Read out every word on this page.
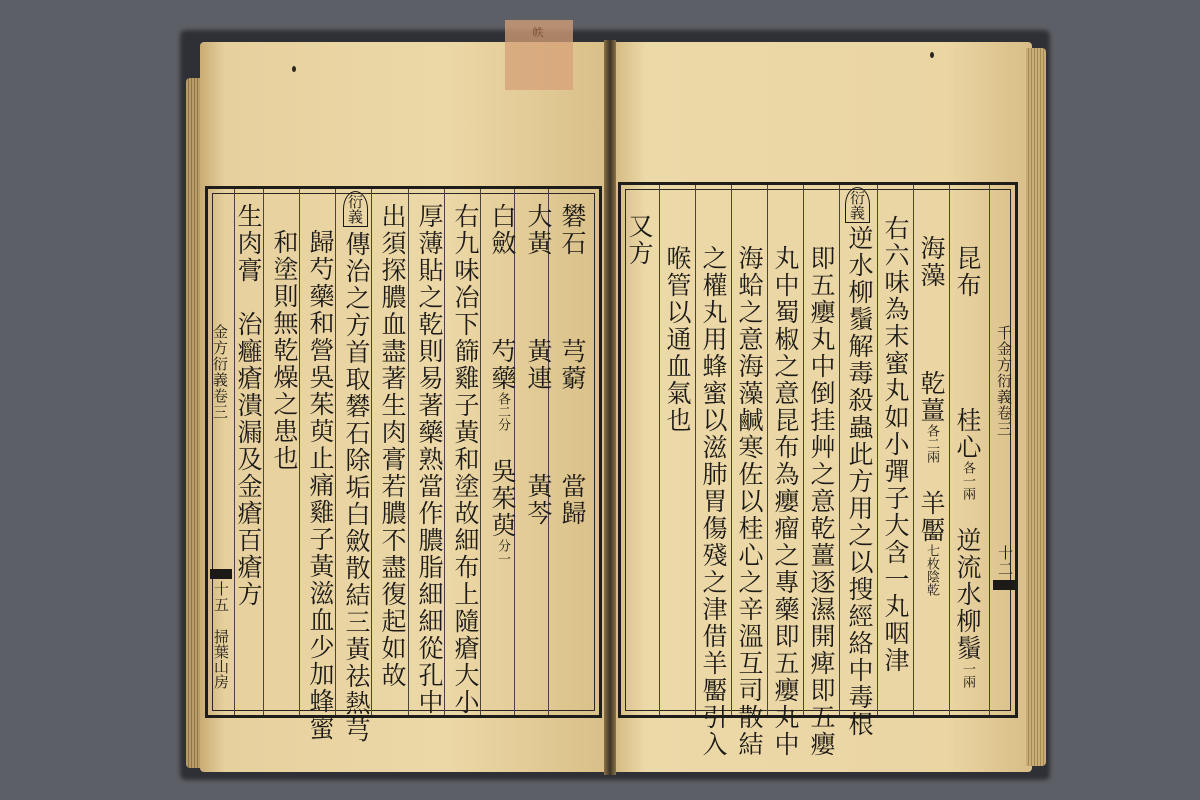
帙
金方衍義卷三
十五
掃葉山房
礬石　　　芎藭　　　當歸
大黃　　　黃連　　　黃芩
白斂　　　芍藥各二分　吳茱萸分一
右九味冶下篩雞子黃和塗故細布上隨瘡大小
厚薄貼之乾則易著藥熟當作膿脂細細從孔中
出須探膿血盡著生肉膏若膿不盡復起如故
衍義
傳治之方首取礬石除垢白斂散結三黃祛熱芎
歸芍藥和營吳茱萸止痛雞子黃滋血少加蜂蜜
和塗則無乾燥之患也
生肉膏　治癰瘡潰漏及金瘡百瘡方	又方
喉管以通血氣也 之權丸用蜂蜜以滋肺胃傷殘之津借羊靨引入 海蛤之意海藻鹹寒佐以桂心之辛溫互司散結 丸中蜀椒之意昆布為癭瘤之專藥即五癭丸中 即五癭丸中倒挂艸之意乾薑逐濕開痺即五癭
衍義
逆水柳鬚解毒殺蟲此方用之以搜經絡中毒根 右六味為末蜜丸如小彈子大含一丸咽津 海藻　　　乾薑各二兩　羊靨七枚陰乾
昆布　　　　桂心各一兩　逆流水柳鬚一兩
千金方衍義卷三
十二
